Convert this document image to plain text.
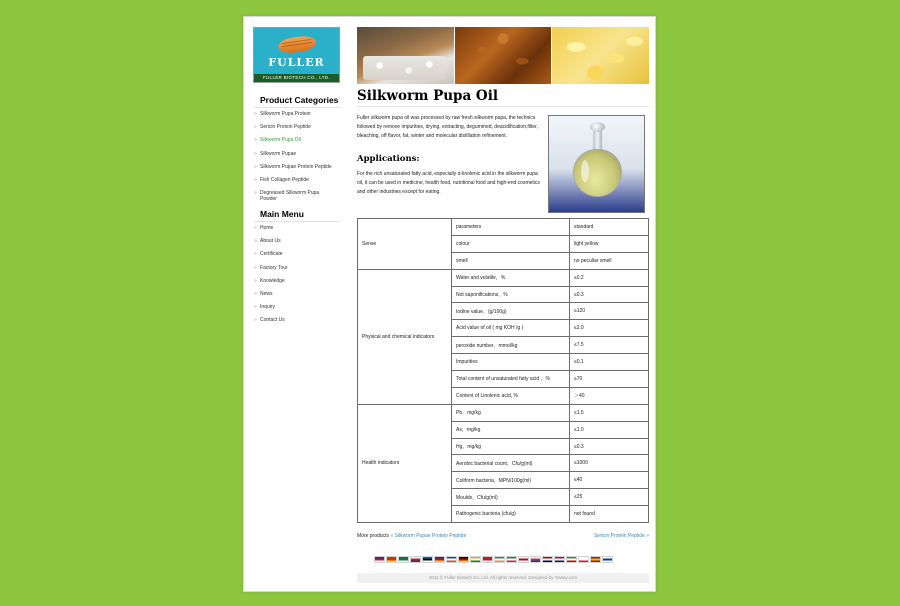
FULLER
FULLER BIOTECH CO., LTD.
Product Categories
» Silkworm Pupa Protein
» Sericin Protein Peptide
» Silkworm Pupa Oil
» Silkworm Pupae
» Silkworm Pupae Protein Peptide
» Fish Collagen Peptide
» Degreased Silkworm Pupa Powder
Main Menu
» Home
» About Us
» Certificate
» Factory Tour
» Knowledge
» News
» Inquiry
» Contact Us
Silkworm Pupa Oil

Fuller silkworm pupa oil was processed by raw fresh silkworm pupa, the technics followed by remove impurities, drying, extracting, degummed, deacidification,filter, bleaching, off flavor, fat, winter and molecular distillation refinement.

Applications:

For the rich unsaturated fatty acid, especially α-linolenic acid in the silkworm pupa oil, it can be used in medicine, health food, nutritional food and high-end cosmetics and other industries except for eating.

Sense	parameters	standard
	colour	light yellow
	smell	no peculiar smell
Physical and chemical indicators	Water and volatile，%	≤0.2
	Not saponifications，%	≤0.3
	Iodine value，(g/100g)	≥120
	Acid value of oil ( mg KOH /g )	≤2.0
	peroxide number，mmol/kg	≤7.5
	Impurities	≤0.1
	Total content of unsaturated fatty acid ，%	≥70
	Content of Linolenic acid, %	＞40
Health indicators	Pb，mg/kg	≤1.5
	As，mg/kg	≤1.0
	Hg，mg/kg	≤0.3
	Aerobic bacterial count，Cfu/g(ml)	≤1000
	Coliform bacteria，MPN/100g(ml)	≤40
	Moulds，Cfu/g(ml)	≤25
	Pathogenic bacteria (cfu/g)	not found
More products « Silkworm Pupae Protein Peptide	Sericin Protein Peptide »
2011 © Fuller Biotech Co.,Ltd. All rights reserved. Designed by Yoway.com
